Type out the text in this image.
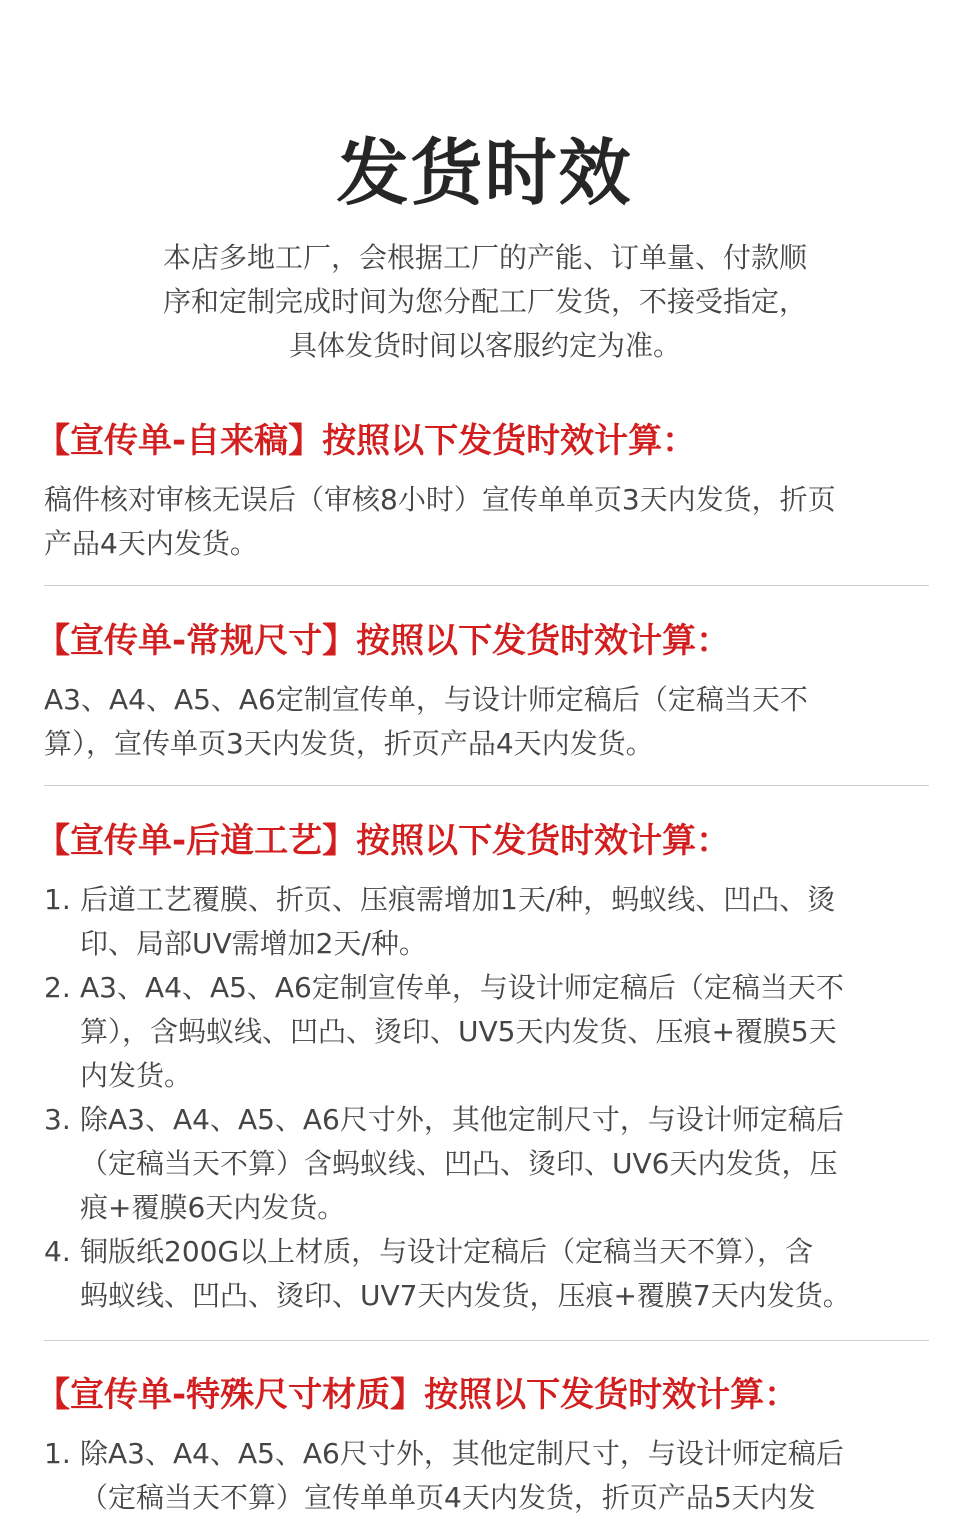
发货时效

本店多地工厂，会根据工厂的产能、订单量、付款顺

序和定制完成时间为您分配工厂发货，不接受指定，

具体发货时间以客服约定为准。

【宣传单-自来稿】按照以下发货时效计算：
稿件核对审核无误后（审核8小时）宣传单单页3天内发货，折页
产品4天内发货。
【宣传单-常规尺寸】按照以下发货时效计算：
A3、A4、A5、A6定制宣传单，与设计师定稿后（定稿当天不
算），宣传单页3天内发货，折页产品4天内发货。
【宣传单-后道工艺】按照以下发货时效计算：
1. 后道工艺覆膜、折页、压痕需增加1天/种，蚂蚁线、凹凸、烫
印、局部UV需增加2天/种。
2. A3、A4、A5、A6定制宣传单，与设计师定稿后（定稿当天不
算），含蚂蚁线、凹凸、烫印、UV5天内发货、压痕+覆膜5天
内发货。
3. 除A3、A4、A5、A6尺寸外，其他定制尺寸，与设计师定稿后
（定稿当天不算）含蚂蚁线、凹凸、烫印、UV6天内发货，压
痕+覆膜6天内发货。
4. 铜版纸200G以上材质，与设计定稿后（定稿当天不算），含
蚂蚁线、凹凸、烫印、UV7天内发货，压痕+覆膜7天内发货。
【宣传单-特殊尺寸材质】按照以下发货时效计算：
1. 除A3、A4、A5、A6尺寸外，其他定制尺寸，与设计师定稿后
（定稿当天不算）宣传单单页4天内发货，折页产品5天内发
